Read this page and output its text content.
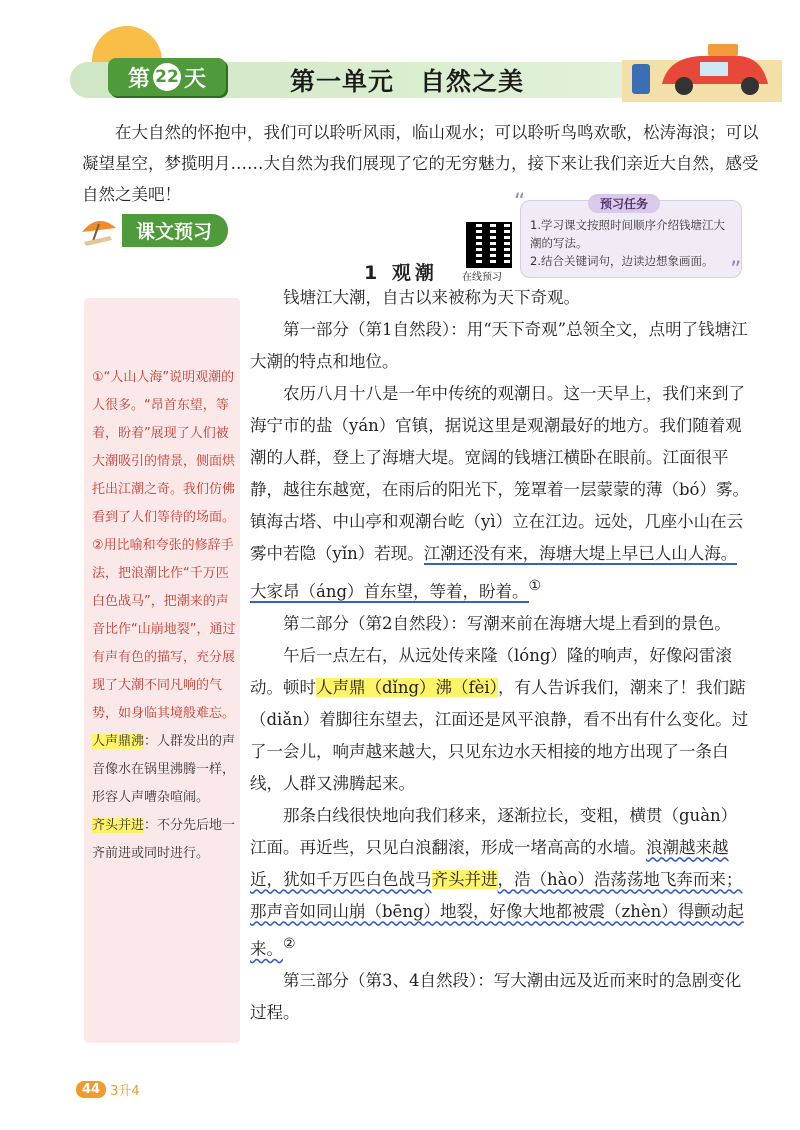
第 22 天	第一单元　自然之美
在大自然的怀抱中，我们可以聆听风雨，临山观水；可以聆听鸟鸣欢歌，松涛海浪；可以凝望星空，梦揽明月……大自然为我们展现了它的无穷魅力，接下来让我们亲近大自然，感受自然之美吧！
课文预习
在线预习
“
”
预习任务
1.学习课文按照时间顺序介绍钱塘江大潮的写法。
2.结合关键词句，边读边想象画面。
1 观潮
①“人山人海”说明观潮的人很多。“昂首东望，等着，盼着”展现了人们被大潮吸引的情景，侧面烘托出江潮之奇。我们仿佛看到了人们等待的场面。
②用比喻和夸张的修辞手法，把浪潮比作“千万匹白色战马”，把潮来的声音比作“山崩地裂”，通过有声有色的描写，充分展现了大潮不同凡响的气势，如身临其境般难忘。
人声鼎沸：人群发出的声音像水在锅里沸腾一样，形容人声嘈杂喧闹。
齐头并进：不分先后地一齐前进或同时进行。

钱塘江大潮，自古以来被称为天下奇观。

第一部分（第1自然段）：用“天下奇观”总领全文，点明了钱塘江大潮的特点和地位。

农历八月十八是一年中传统的观潮日。这一天早上，我们来到了海宁市的盐（yán）官镇，据说这里是观潮最好的地方。我们随着观潮的人群，登上了海塘大堤。宽阔的钱塘江横卧在眼前。江面很平静，越往东越宽，在雨后的阳光下，笼罩着一层蒙蒙的薄（bó）雾。镇海古塔、中山亭和观潮台屹（yì）立在江边。远处，几座小山在云雾中若隐（yǐn）若现。江潮还没有来，海塘大堤上早已人山人海。大家昂（áng）首东望，等着，盼着。①

第二部分（第2自然段）：写潮来前在海塘大堤上看到的景色。

午后一点左右，从远处传来隆（lóng）隆的响声，好像闷雷滚动。顿时人声鼎（dǐng）沸（fèi），有人告诉我们，潮来了！我们踮（diǎn）着脚往东望去，江面还是风平浪静，看不出有什么变化。过了一会儿，响声越来越大，只见东边水天相接的地方出现了一条白线，人群又沸腾起来。

那条白线很快地向我们移来，逐渐拉长，变粗，横贯（guàn）江面。再近些，只见白浪翻滚，形成一堵高高的水墙。浪潮越来越近，犹如千万匹白色战马齐头并进，浩（hào）浩荡荡地飞奔而来；那声音如同山崩（bēng）地裂，好像大地都被震（zhèn）得颤动起来。②

第三部分（第3、4自然段）：写大潮由远及近而来时的急剧变化过程。

44 3升4
